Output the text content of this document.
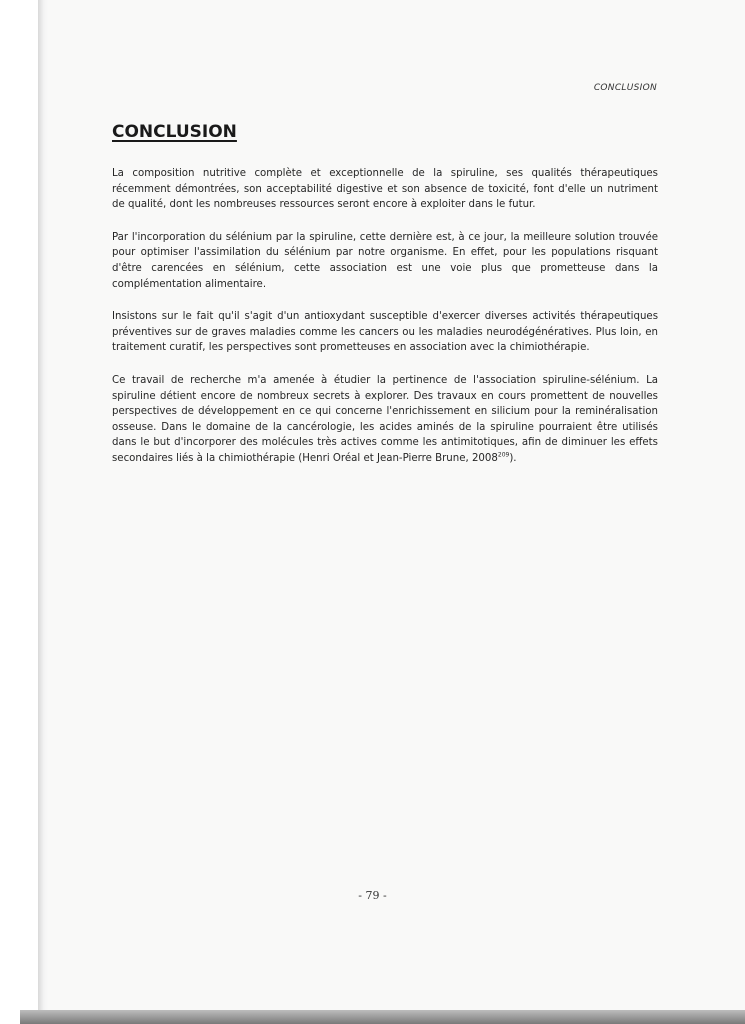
CONCLUSION
CONCLUSION

La composition nutritive complète et exceptionnelle de la spiruline, ses qualités thérapeutiques récemment démontrées, son acceptabilité digestive et son absence de toxicité, font d'elle un nutriment de qualité, dont les nombreuses ressources seront encore à exploiter dans le futur.

Par l'incorporation du sélénium par la spiruline, cette dernière est, à ce jour, la meilleure solution trouvée pour optimiser l'assimilation du sélénium par notre organisme. En effet, pour les populations risquant d'être carencées en sélénium, cette association est une voie plus que prometteuse dans la complémentation alimentaire.

Insistons sur le fait qu'il s'agit d'un antioxydant susceptible d'exercer diverses activités thérapeutiques préventives sur de graves maladies comme les cancers ou les maladies neurodégénératives. Plus loin, en traitement curatif, les perspectives sont prometteuses en association avec la chimiothérapie.

Ce travail de recherche m'a amenée à étudier la pertinence de l'association spiruline-sélénium. La spiruline détient encore de nombreux secrets à explorer. Des travaux en cours promettent de nouvelles perspectives de développement en ce qui concerne l'enrichissement en silicium pour la reminéralisation osseuse. Dans le domaine de la cancérologie, les acides aminés de la spiruline pourraient être utilisés dans le but d'incorporer des molécules très actives comme les antimitotiques, afin de diminuer les effets secondaires liés à la chimiothérapie (Henri Oréal et Jean-Pierre Brune, 2008$^{209}$).

- 79 -
